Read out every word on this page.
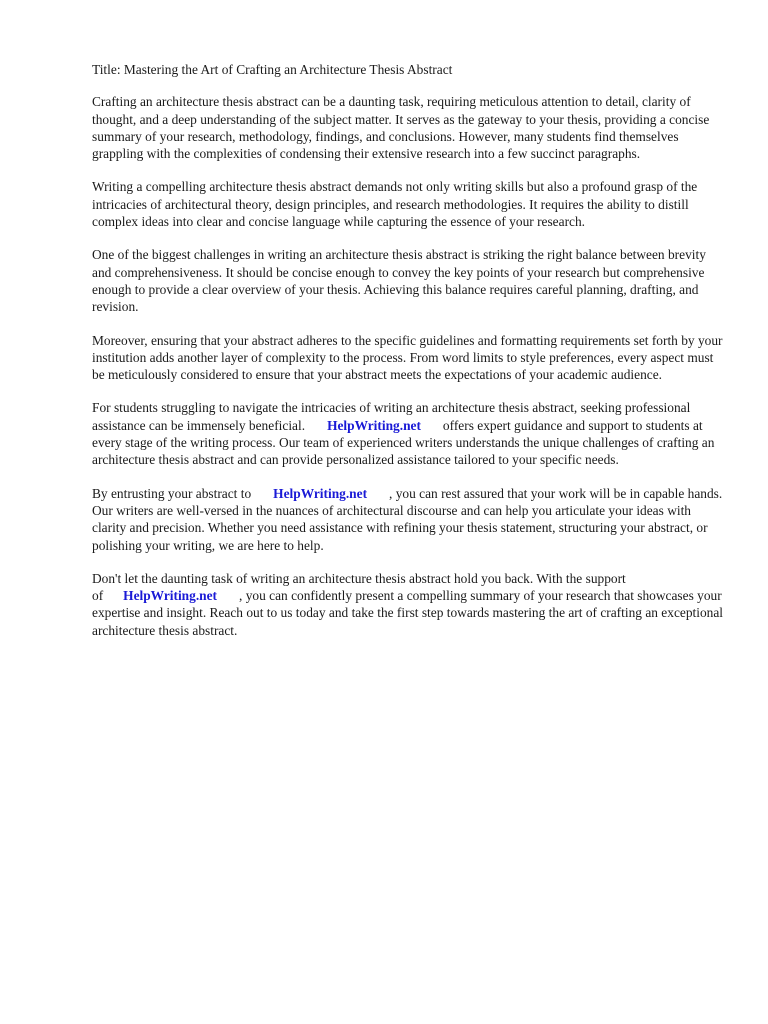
Title: Mastering the Art of Crafting an Architecture Thesis Abstract

Crafting an architecture thesis abstract can be a daunting task, requiring meticulous attention to detail, clarity of thought, and a deep understanding of the subject matter. It serves as the gateway to your thesis, providing a concise summary of your research, methodology, findings, and conclusions. However, many students find themselves grappling with the complexities of condensing their extensive research into a few succinct paragraphs.

Writing a compelling architecture thesis abstract demands not only writing skills but also a profound grasp of the intricacies of architectural theory, design principles, and research methodologies. It requires the ability to distill complex ideas into clear and concise language while capturing the essence of your research.

One of the biggest challenges in writing an architecture thesis abstract is striking the right balance between brevity and comprehensiveness. It should be concise enough to convey the key points of your research but comprehensive enough to provide a clear overview of your thesis. Achieving this balance requires careful planning, drafting, and revision.

Moreover, ensuring that your abstract adheres to the specific guidelines and formatting requirements set forth by your institution adds another layer of complexity to the process. From word limits to style preferences, every aspect must be meticulously considered to ensure that your abstract meets the expectations of your academic audience.

For students struggling to navigate the intricacies of writing an architecture thesis abstract, seeking professional assistance can be immensely beneficial. HelpWriting.net offers expert guidance and support to students at every stage of the writing process. Our team of experienced writers understands the unique challenges of crafting an architecture thesis abstract and can provide personalized assistance tailored to your specific needs.

By entrusting your abstract to HelpWriting.net , you can rest assured that your work will be in capable hands. Our writers are well-versed in the nuances of architectural discourse and can help you articulate your ideas with clarity and precision. Whether you need assistance with refining your thesis statement, structuring your abstract, or polishing your writing, we are here to help.

Don't let the daunting task of writing an architecture thesis abstract hold you back. With the support of HelpWriting.net , you can confidently present a compelling summary of your research that showcases your expertise and insight. Reach out to us today and take the first step towards mastering the art of crafting an exceptional architecture thesis abstract.
